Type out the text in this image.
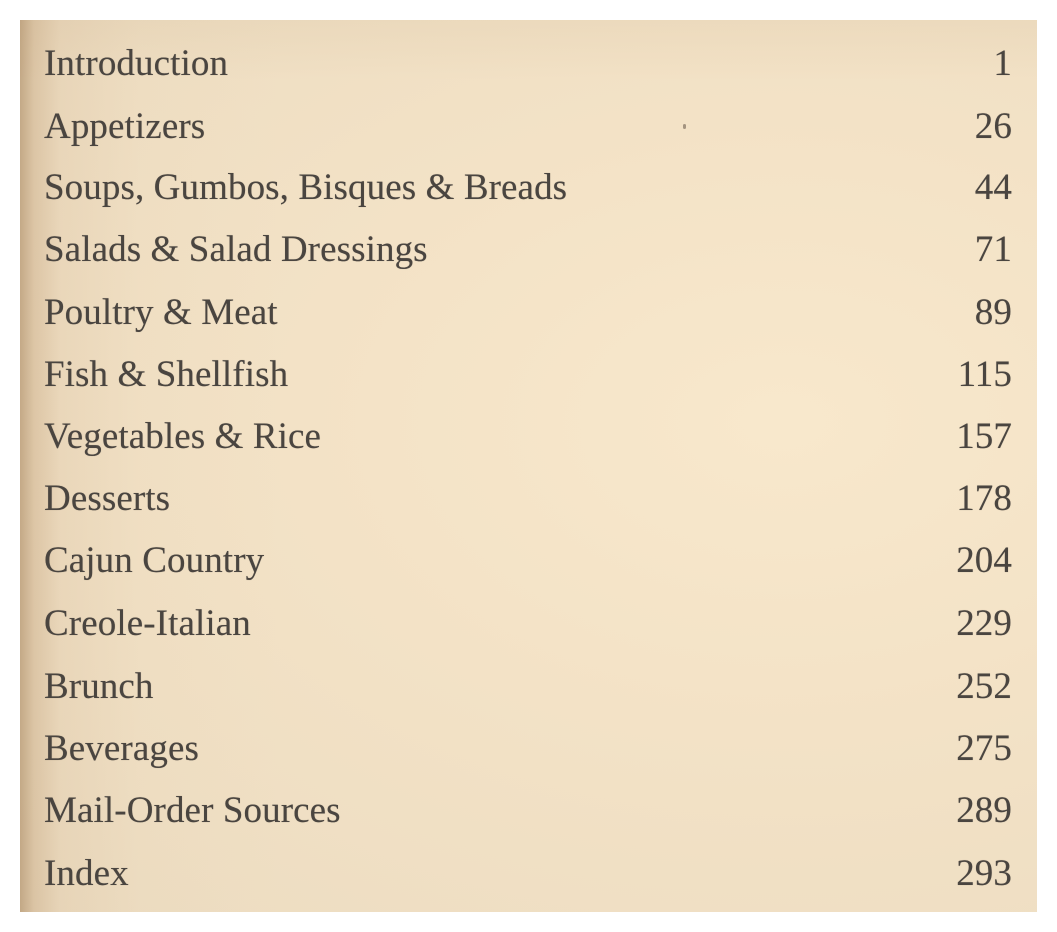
Introduction	1
Appetizers	26
Soups, Gumbos, Bisques & Breads	44
Salads & Salad Dressings	71
Poultry & Meat	89
Fish & Shellfish	115
Vegetables & Rice	157
Desserts	178
Cajun Country	204
Creole-Italian	229
Brunch	252
Beverages	275
Mail-Order Sources	289
Index	293
